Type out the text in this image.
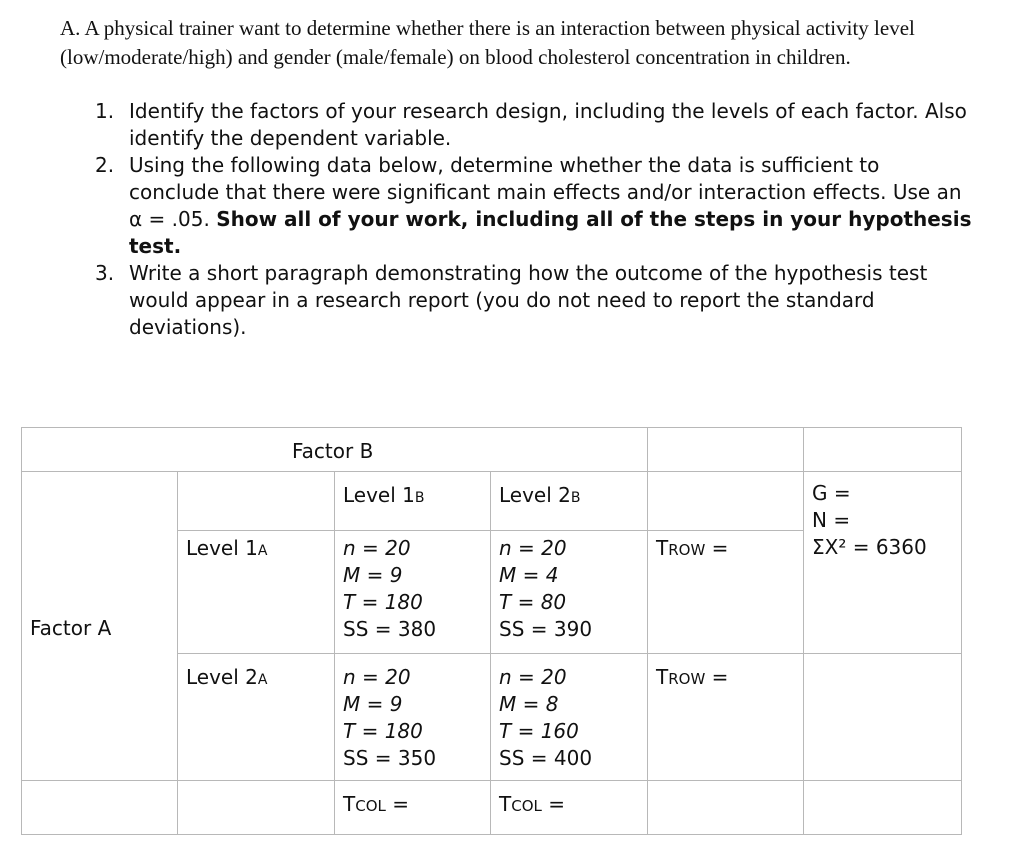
A. A physical trainer want to determine whether there is an interaction between physical activity level (low/moderate/high) and gender (male/female) on blood cholesterol concentration in children.

1. Identify the factors of your research design, including the levels of each factor. Also identify the dependent variable.
2. Using the following data below, determine whether the data is sufficient to conclude that there were significant main effects and/or interaction effects. Use an α = .05. Show all of your work, including all of the steps in your hypothesis test.
3. Write a short paragraph demonstrating how the outcome of the hypothesis test would appear in a research report (you do not need to report the standard deviations).
Factor B					
Factor A		Level 1B	Level 2B		G =
N =
ΣX² = 6360

	Level 1A	n = 20
M = 9
T = 180
SS = 380	n = 20
M = 4
T = 80
SS = 390	TROW =	
	Level 2A	n = 20
M = 9
T = 180
SS = 350	n = 20
M = 8
T = 160
SS = 400	TROW =	
		TCOL =	TCOL =		
